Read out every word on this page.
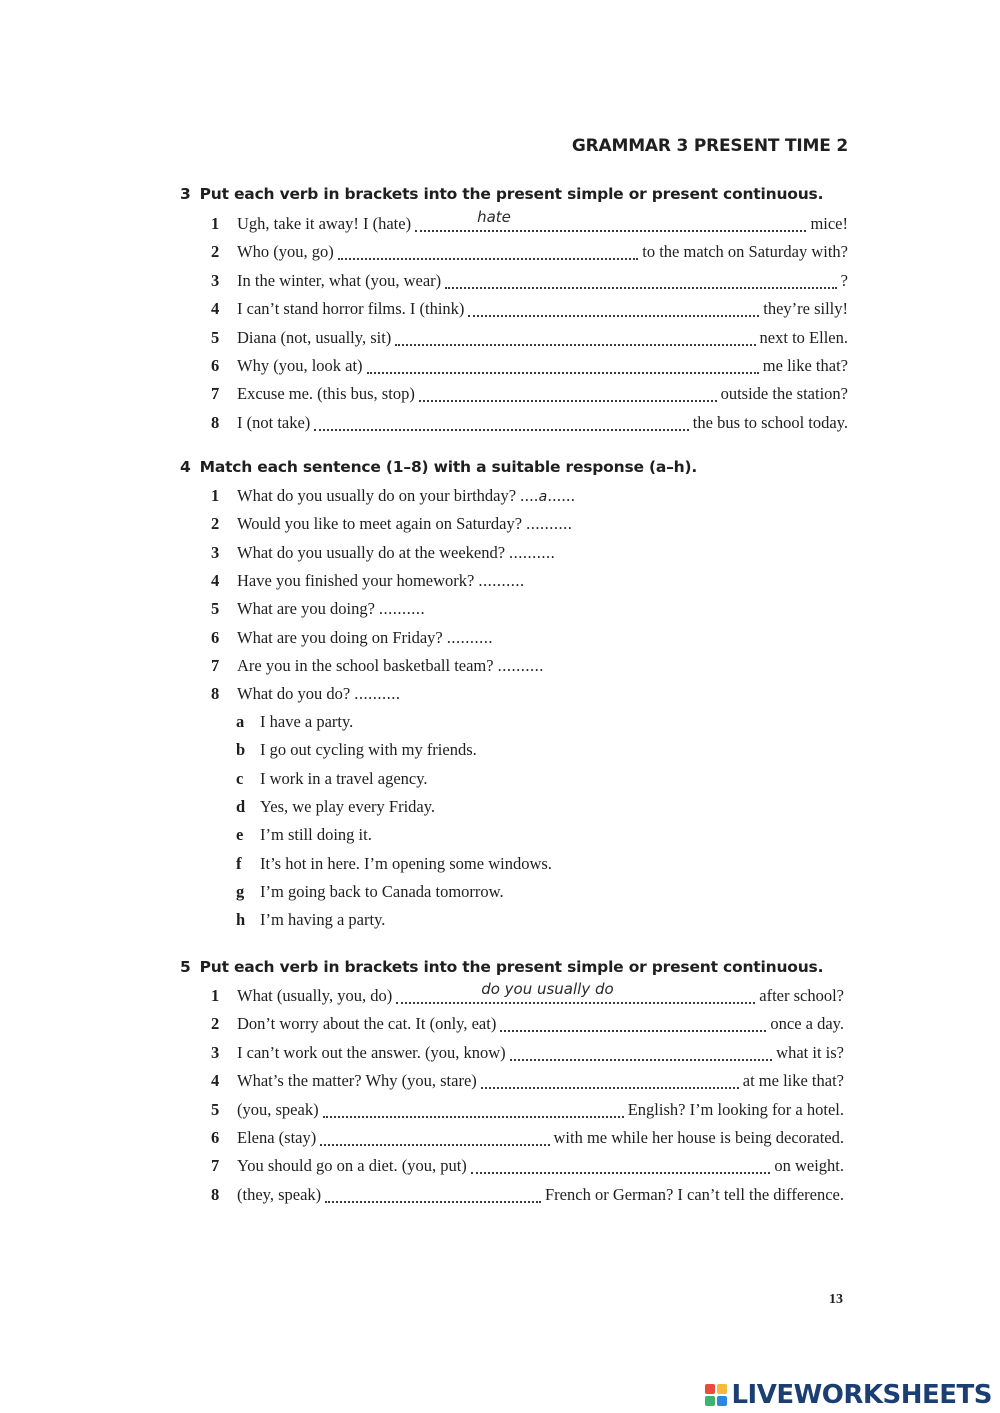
GRAMMAR 3 PRESENT TIME 2
3 Put each verb in brackets into the present simple or present continuous.
1	Ugh, take it away! I (hate)	hate	mice!
2	Who (you, go)	to the match on Saturday with?
3	In the winter, what (you, wear)	?
4	I can’t stand horror films. I (think)	they’re silly!
5	Diana (not, usually, sit)	next to Ellen.
6	Why (you, look at)	me like that?
7	Excuse me. (this bus, stop)	outside the station?
8	I (not take)	the bus to school today.
4 Match each sentence (1–8) with a suitable response (a–h).
1	What do you usually do on your birthday? ....a......
2	Would you like to meet again on Saturday? ..........
3	What do you usually do at the weekend? ..........
4	Have you finished your homework? ..........
5	What are you doing? ..........
6	What are you doing on Friday? ..........
7	Are you in the school basketball team? ..........
8	What do you do? ..........
a I have a party.
b I go out cycling with my friends.
c I work in a travel agency.
d Yes, we play every Friday.
e I’m still doing it.
f It’s hot in here. I’m opening some windows.
g I’m going back to Canada tomorrow.
h I’m having a party.
5 Put each verb in brackets into the present simple or present continuous.
1	What (usually, you, do)	do you usually do	after school?
2	Don’t worry about the cat. It (only, eat)	once a day.
3	I can’t work out the answer. (you, know)	what it is?
4	What’s the matter? Why (you, stare)	at me like that?
5	(you, speak)	English? I’m looking for a hotel.
6	Elena (stay)	with me while her house is being decorated.
7	You should go on a diet. (you, put)	on weight.
8	(they, speak)	French or German? I can’t tell the difference.
13
LIVEWORKSHEETS
